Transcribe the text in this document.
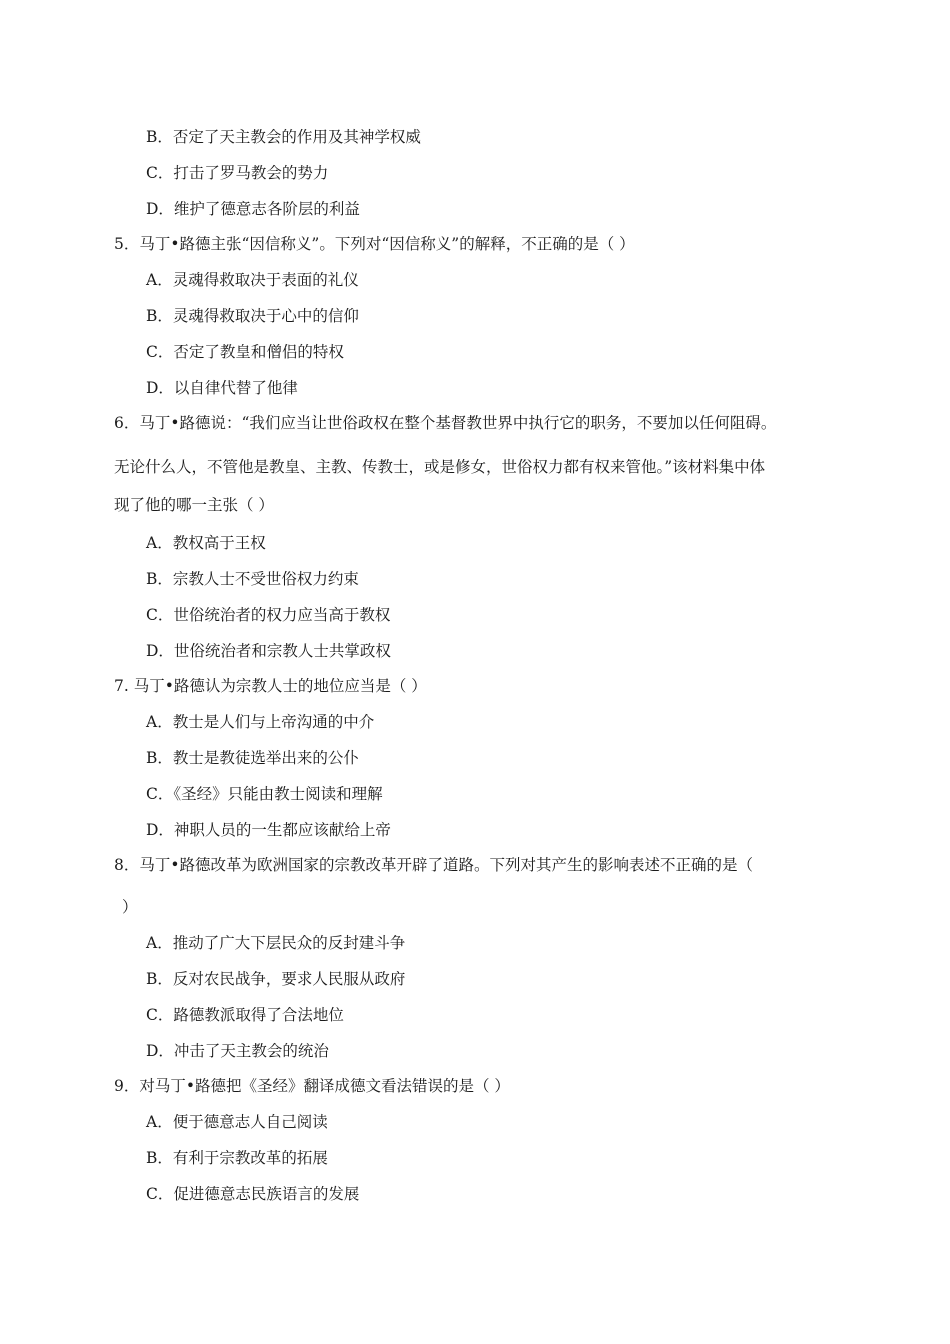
B．否定了天主教会的作用及其神学权威
C．打击了罗马教会的势力
D．维护了德意志各阶层的利益
5．马丁•路德主张“因信称义”。下列对“因信称义”的解释，不正确的是（ ）
A．灵魂得救取决于表面的礼仪
B．灵魂得救取决于心中的信仰
C．否定了教皇和僧侣的特权
D．以自律代替了他律
6．马丁•路德说：“我们应当让世俗政权在整个基督教世界中执行它的职务，不要加以任何阻碍。
无论什么人，不管他是教皇、主教、传教士，或是修女，世俗权力都有权来管他。”该材料集中体
现了他的哪一主张（ ）
A．教权高于王权
B．宗教人士不受世俗权力约束
C．世俗统治者的权力应当高于教权
D．世俗统治者和宗教人士共掌政权
7. 马丁•路德认为宗教人士的地位应当是（ ）
A．教士是人们与上帝沟通的中介
B．教士是教徒选举出来的公仆
C．《圣经》只能由教士阅读和理解
D．神职人员的一生都应该献给上帝
8．马丁•路德改革为欧洲国家的宗教改革开辟了道路。下列对其产生的影响表述不正确的是（
）
A．推动了广大下层民众的反封建斗争
B．反对农民战争，要求人民服从政府
C．路德教派取得了合法地位
D．冲击了天主教会的统治
9．对马丁•路德把《圣经》翻译成德文看法错误的是（ ）
A．便于德意志人自己阅读
B．有利于宗教改革的拓展
C．促进德意志民族语言的发展
